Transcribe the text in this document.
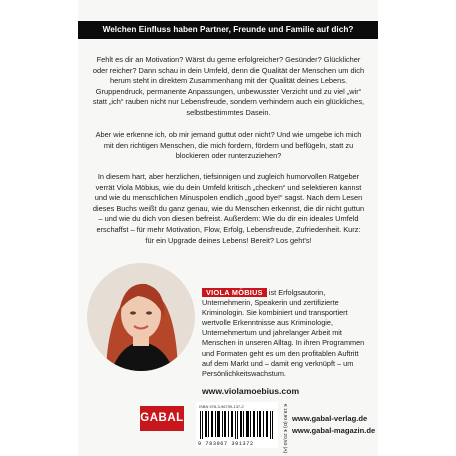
Welchen Einfluss haben Partner, Freunde und Familie auf dich?

Fehlt es dir an Motivation? Wärst du gerne erfolgreicher? Gesünder? Glücklicher oder reicher? Dann schau in dein Umfeld, denn die Qualität der Menschen um dich herum steht in direktem Zusammenhang mit der Qualität deines Lebens. Gruppendruck, permanente Anpassungen, unbewusster Verzicht und zu viel „wir“ statt „ich“ rauben nicht nur Lebensfreude, sondern verhindern auch ein glückliches, selbstbestimmtes Dasein.

Aber wie erkenne ich, ob mir jemand guttut oder nicht? Und wie umgebe ich mich mit den richtigen Menschen, die mich fordern, fördern und beflügeln, statt zu blockieren oder runterzuziehen?

In diesem hart, aber herzlichen, tiefsinnigen und zugleich humorvollen Ratgeber verrät Viola Möbius, wie du dein Umfeld kritisch „checken“ und selektieren kannst und wie du menschlichen Minuspolen endlich „good bye!“ sagst. Nach dem Lesen dieses Buchs weißt du ganz genau, wie du Menschen erkennst, die dir nicht guttun – und wie du dich von diesen befreist. Außerdem: Wie du dir ein ideales Umfeld erschaffst – für mehr Motivation, Flow, Erfolg, Lebensfreude, Zufriedenheit. Kurz: für ein Upgrade deines Lebens! Bereit? Los geht's!

VIOLA MÖBIUS ist Erfolgsautorin, Unternehmerin, Speakerin und zertifizierte Kriminologin. Sie kombiniert und transportiert wertvolle Erkenntnisse aus Kriminologie, Unternehmertum und jahrelanger Arbeit mit Menschen in unseren Alltag. In ihren Programmen und Formaten geht es um den profitablen Auftritt auf dem Markt und – damit eng verknüpft – um Persönlichkeitswachstum.

www.violamoebius.com
GABAL
ISBN 978-3-96739-137-2
9 783967 391372	€ 19,90 (D) € 20,50 (A) www.gabal-verlag.de
www.gabal-magazin.de
